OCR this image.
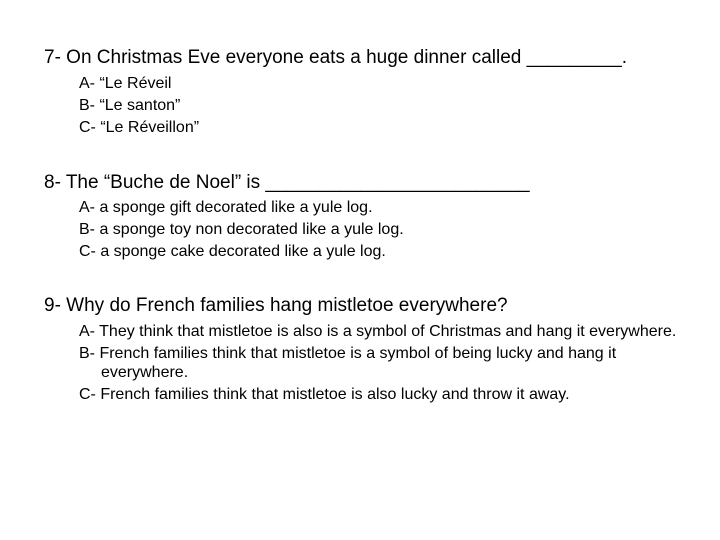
7- On Christmas Eve everyone eats a huge dinner called _________.
A- “Le Réveil
B- “Le santon”
C- “Le Réveillon”
8- The “Buche de Noel” is _________________________
A- a sponge gift decorated like a yule log.
B- a sponge toy non decorated like a yule log.
C- a sponge cake decorated like a yule log.
9- Why do French families hang mistletoe everywhere?
A- They think that mistletoe is also is a symbol of Christmas and hang it everywhere.
B- French families think that mistletoe is a symbol of being lucky and hang it everywhere.
C- French families think that mistletoe is also lucky and throw it away.
